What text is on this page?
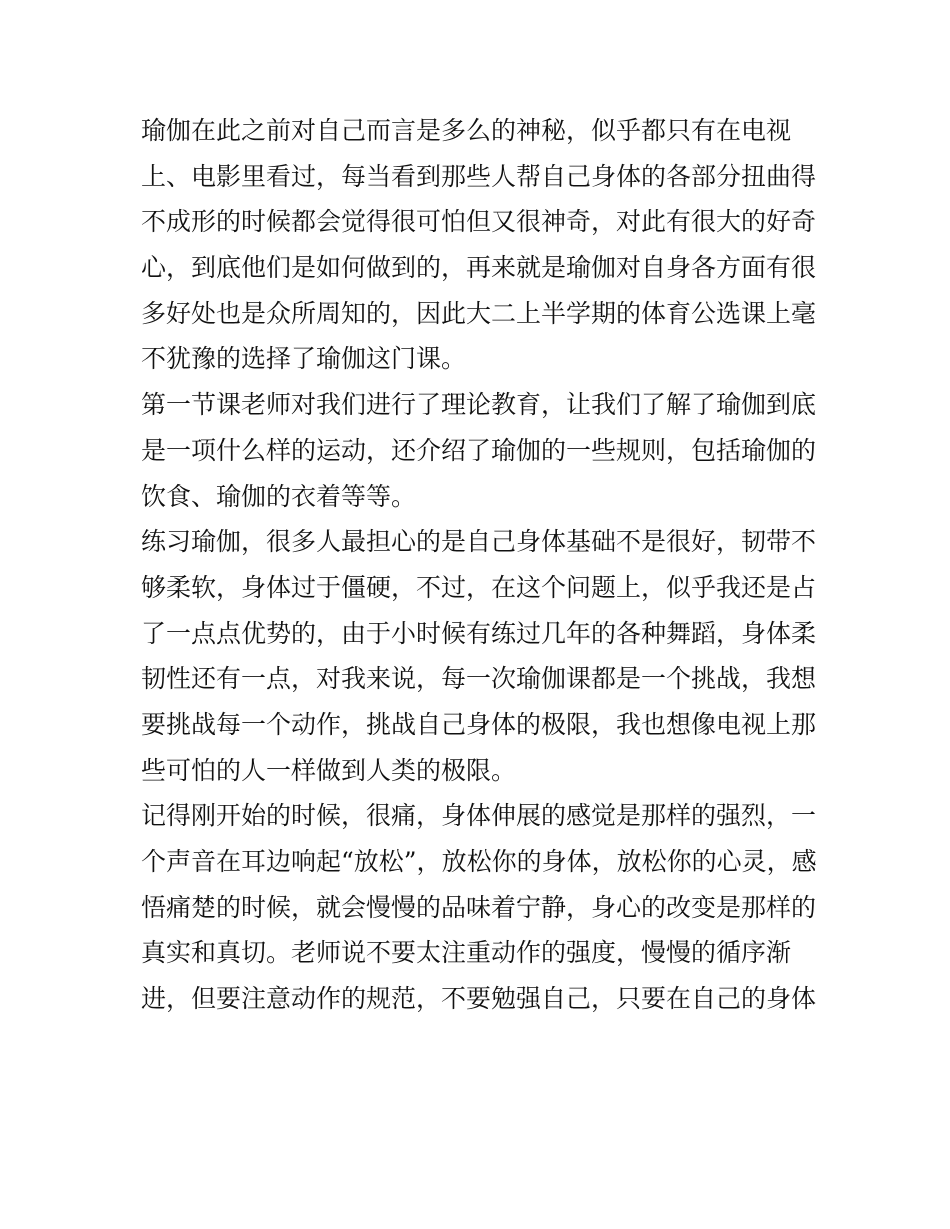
瑜伽在此之前对自己而言是多么的神秘，似乎都只有在电视
上、电影里看过，每当看到那些人帮自己身体的各部分扭曲得
不成形的时候都会觉得很可怕但又很神奇，对此有很大的好奇
心，到底他们是如何做到的，再来就是瑜伽对自身各方面有很
多好处也是众所周知的，因此大二上半学期的体育公选课上毫
不犹豫的选择了瑜伽这门课。
第一节课老师对我们进行了理论教育，让我们了解了瑜伽到底
是一项什么样的运动，还介绍了瑜伽的一些规则，包括瑜伽的
饮食、瑜伽的衣着等等。
练习瑜伽，很多人最担心的是自己身体基础不是很好，韧带不
够柔软，身体过于僵硬，不过，在这个问题上，似乎我还是占
了一点点优势的，由于小时候有练过几年的各种舞蹈，身体柔
韧性还有一点，对我来说，每一次瑜伽课都是一个挑战，我想
要挑战每一个动作，挑战自己身体的极限，我也想像电视上那
些可怕的人一样做到人类的极限。
记得刚开始的时候，很痛，身体伸展的感觉是那样的强烈，一
个声音在耳边响起“放松”，放松你的身体，放松你的心灵，感
悟痛楚的时候，就会慢慢的品味着宁静，身心的改变是那样的
真实和真切。老师说不要太注重动作的强度，慢慢的循序渐
进，但要注意动作的规范，不要勉强自己，只要在自己的身体
